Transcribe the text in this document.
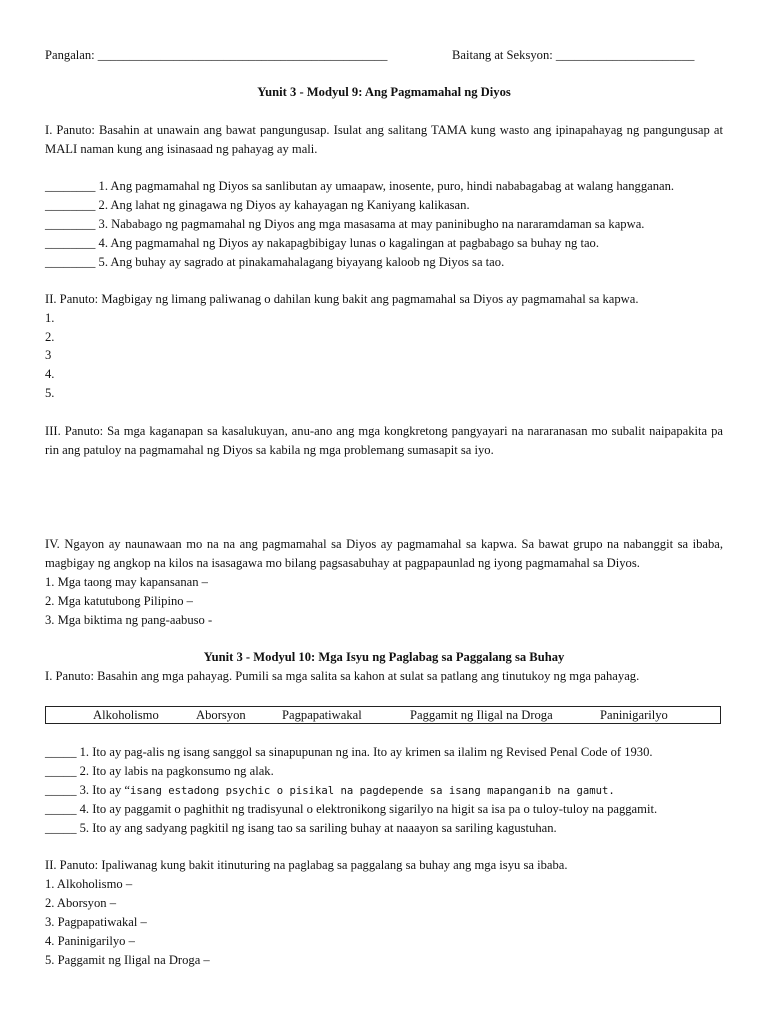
Pangalan: ______________________________________________	Baitang at Seksyon: ______________________
Yunit 3 - Modyul 9: Ang Pagmamahal ng Diyos
I. Panuto: Basahin at unawain ang bawat pangungusap. Isulat ang salitang TAMA kung wasto ang ipinapahayag ng pangungusap at MALI naman kung ang isinasaad ng pahayag ay mali.
________ 1. Ang pagmamahal ng Diyos sa sanlibutan ay umaapaw, inosente, puro, hindi nababagabag at walang hangganan.
________ 2. Ang lahat ng ginagawa ng Diyos ay kahayagan ng Kaniyang kalikasan.
________ 3. Nababago ng pagmamahal ng Diyos ang mga masasama at may paninibugho na nararamdaman sa kapwa.
________ 4. Ang pagmamahal ng Diyos ay nakapagbibigay lunas o kagalingan at pagbabago sa buhay ng tao.
________ 5. Ang buhay ay sagrado at pinakamahalagang biyayang kaloob ng Diyos sa tao.
II. Panuto: Magbigay ng limang paliwanag o dahilan kung bakit ang pagmamahal sa Diyos ay pagmamahal sa kapwa.
1.
2.
3
4.
5.
III. Panuto: Sa mga kaganapan sa kasalukuyan, anu-ano ang mga kongkretong pangyayari na nararanasan mo subalit naipapakita pa rin ang patuloy na pagmamahal ng Diyos sa kabila ng mga problemang sumasapit sa iyo.
IV. Ngayon ay naunawaan mo na na ang pagmamahal sa Diyos ay pagmamahal sa kapwa. Sa bawat grupo na nabanggit sa ibaba, magbigay ng angkop na kilos na isasagawa mo bilang pagsasabuhay at pagpapaunlad ng iyong pagmamahal sa Diyos.
1. Mga taong may kapansanan –
2. Mga katutubong Pilipino –
3. Mga biktima ng pang-aabuso -
Yunit 3 - Modyul 10: Mga Isyu ng Paglabag sa Paggalang sa Buhay
I. Panuto: Basahin ang mga pahayag. Pumili sa mga salita sa kahon at sulat sa patlang ang tinutukoy ng mga pahayag.
Alkoholismo	Aborsyon	Pagpapatiwakal	Paggamit ng Iligal na Droga	Paninigarilyo
_____ 1. Ito ay pag-alis ng isang sanggol sa sinapupunan ng ina. Ito ay krimen sa ilalim ng Revised Penal Code of 1930.
_____ 2. Ito ay labis na pagkonsumo ng alak.
_____ 3. Ito ay “isang estadong psychic o pisikal na pagdepende sa isang mapanganib na gamut.
_____ 4. Ito ay paggamit o paghithit ng tradisyunal o elektronikong sigarilyo na higit sa isa pa o tuloy-tuloy na paggamit.
_____ 5. Ito ay ang sadyang pagkitil ng isang tao sa sariling buhay at naaayon sa sariling kagustuhan.
II. Panuto: Ipaliwanag kung bakit itinuturing na paglabag sa paggalang sa buhay ang mga isyu sa ibaba.
1. Alkoholismo –
2. Aborsyon –
3. Pagpapatiwakal –
4. Paninigarilyo –
5. Paggamit ng Iligal na Droga –
